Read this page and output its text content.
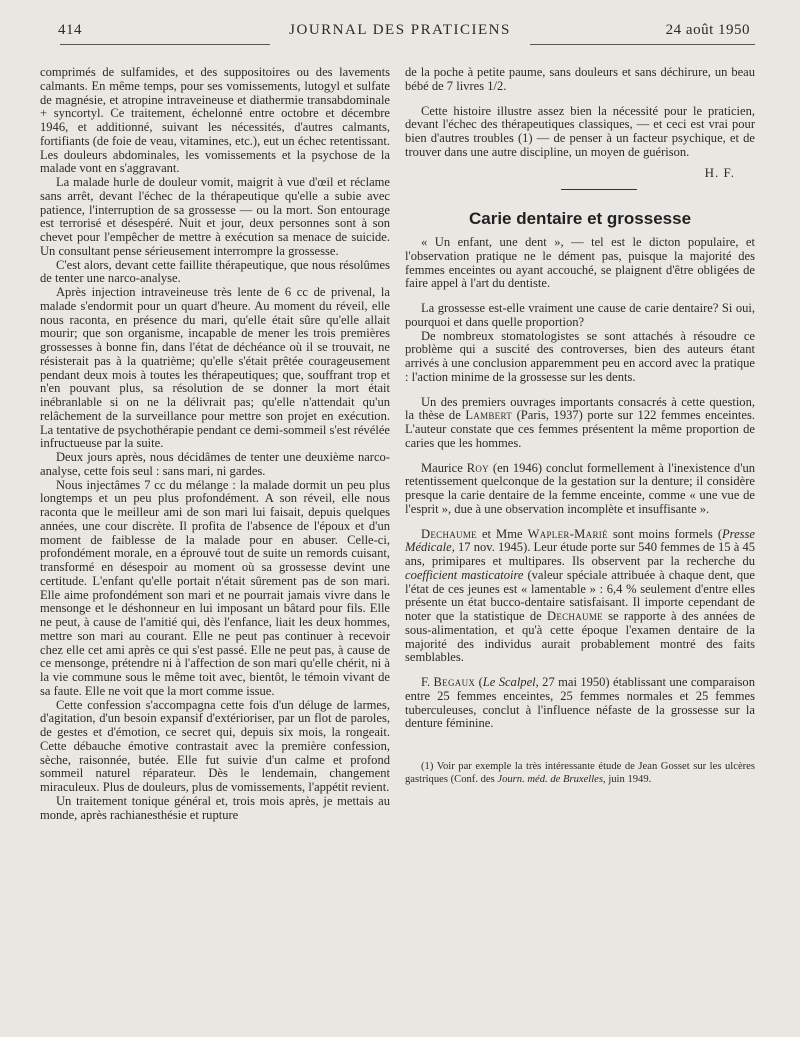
414	JOURNAL DES PRATICIENS	24 août 1950

comprimés de sulfamides, et des suppositoires ou des lavements calmants. En même temps, pour ses vomissements, lutogyl et sulfate de magnésie, et atropine intraveineuse et diathermie transabdominale + syncortyl. Ce traitement, échelonné entre octobre et décembre 1946, et additionné, suivant les nécessités, d'autres calmants, fortifiants (de foie de veau, vitamines, etc.), eut un échec retentissant. Les douleurs abdominales, les vomissements et la psychose de la malade vont en s'aggravant.

La malade hurle de douleur vomit, maigrit à vue d'œil et réclame sans arrêt, devant l'échec de la thérapeutique qu'elle a subie avec patience, l'interruption de sa grossesse — ou la mort. Son entourage est terrorisé et désespéré. Nuit et jour, deux personnes sont à son chevet pour l'empêcher de mettre à exécution sa menace de suicide. Un consultant pense sérieusement interrompre la grossesse.

C'est alors, devant cette faillite thérapeutique, que nous résolûmes de tenter une narco-analyse.

Après injection intraveineuse très lente de 6 cc de privenal, la malade s'endormit pour un quart d'heure. Au moment du réveil, elle nous raconta, en présence du mari, qu'elle était sûre qu'elle allait mourir; que son organisme, incapable de mener les trois premières grossesses à bonne fin, dans l'état de déchéance où il se trouvait, ne résisterait pas à la quatrième; qu'elle s'était prêtée courageusement pendant deux mois à toutes les thérapeutiques; que, souffrant trop et n'en pouvant plus, sa résolution de se donner la mort était inébranlable si on ne la délivrait pas; qu'elle n'attendait qu'un relâchement de la surveillance pour mettre son projet en exécution. La tentative de psychothérapie pendant ce demi-sommeil s'est révélée infructueuse par la suite.

Deux jours après, nous décidâmes de tenter une deuxième narco-analyse, cette fois seul : sans mari, ni gardes.

Nous injectâmes 7 cc du mélange : la malade dormit un peu plus longtemps et un peu plus profondément. A son réveil, elle nous raconta que le meilleur ami de son mari lui faisait, depuis quelques années, une cour discrète. Il profita de l'absence de l'époux et d'un moment de faiblesse de la malade pour en abuser. Celle-ci, profondément morale, en a éprouvé tout de suite un remords cuisant, transformé en désespoir au moment où sa grossesse devint une certitude. L'enfant qu'elle portait n'était sûrement pas de son mari. Elle aime profondément son mari et ne pourrait jamais vivre dans le mensonge et le déshonneur en lui imposant un bâtard pour fils. Elle ne peut, à cause de l'amitié qui, dès l'enfance, liait les deux hommes, mettre son mari au courant. Elle ne peut pas continuer à recevoir chez elle cet ami après ce qui s'est passé. Elle ne peut pas, à cause de ce mensonge, prétendre ni à l'affection de son mari qu'elle chérit, ni à la vie commune sous le même toit avec, bientôt, le témoin vivant de sa faute. Elle ne voit que la mort comme issue.

Cette confession s'accompagna cette fois d'un déluge de larmes, d'agitation, d'un besoin expansif d'extérioriser, par un flot de paroles, de gestes et d'émotion, ce secret qui, depuis six mois, la rongeait. Cette débauche émotive contrastait avec la première confession, sèche, raisonnée, butée. Elle fut suivie d'un calme et profond sommeil naturel réparateur. Dès le lendemain, changement miraculeux. Plus de douleurs, plus de vomissements, l'appétit revient.

Un traitement tonique général et, trois mois après, je mettais au monde, après rachianesthésie et rupture

de la poche à petite paume, sans douleurs et sans déchirure, un beau bébé de 7 livres 1/2.

Cette histoire illustre assez bien la nécessité pour le praticien, devant l'échec des thérapeutiques classiques, — et ceci est vrai pour bien d'autres troubles (1) — de penser à un facteur psychique, et de trouver dans une autre discipline, un moyen de guérison.

H. F.
Carie dentaire et grossesse

« Un enfant, une dent », — tel est le dicton populaire, et l'observation pratique ne le dément pas, puisque la majorité des femmes enceintes ou ayant accouché, se plaignent d'être obligées de faire appel à l'art du dentiste.

La grossesse est-elle vraiment une cause de carie dentaire? Si oui, pourquoi et dans quelle proportion?

De nombreux stomatologistes se sont attachés à résoudre ce problème qui a suscité des controverses, bien des auteurs étant arrivés à une conclusion apparemment peu en accord avec la pratique : l'action minime de la grossesse sur les dents.

Un des premiers ouvrages importants consacrés à cette question, la thèse de Lambert (Paris, 1937) porte sur 122 femmes enceintes. L'auteur constate que ces femmes présentent la même proportion de caries que les hommes.

Maurice Roy (en 1946) conclut formellement à l'inexistence d'un retentissement quelconque de la gestation sur la denture; il considère presque la carie dentaire de la femme enceinte, comme « une vue de l'esprit », due à une observation incomplète et insuffisante ».

Dechaume et Mme Wapler-Marié sont moins formels (Presse Médicale, 17 nov. 1945). Leur étude porte sur 540 femmes de 15 à 45 ans, primipares et multipares. Ils observent par la recherche du coefficient masticatoire (valeur spéciale attribuée à chaque dent, que l'état de ces jeunes est « lamentable » : 6,4 % seulement d'entre elles présente un état bucco-dentaire satisfaisant. Il importe cependant de noter que la statistique de Dechaume se rapporte à des années de sous-alimentation, et qu'à cette époque l'examen dentaire de la majorité des individus aurait probablement montré des faits semblables.

F. Begaux (Le Scalpel, 27 mai 1950) établissant une comparaison entre 25 femmes enceintes, 25 femmes normales et 25 femmes tuberculeuses, conclut à l'influence néfaste de la grossesse sur la denture féminine.

(1) Voir par exemple la très intéressante étude de Jean Gosset sur les ulcères gastriques (Conf. des Journ. méd. de Bruxelles, juin 1949.
